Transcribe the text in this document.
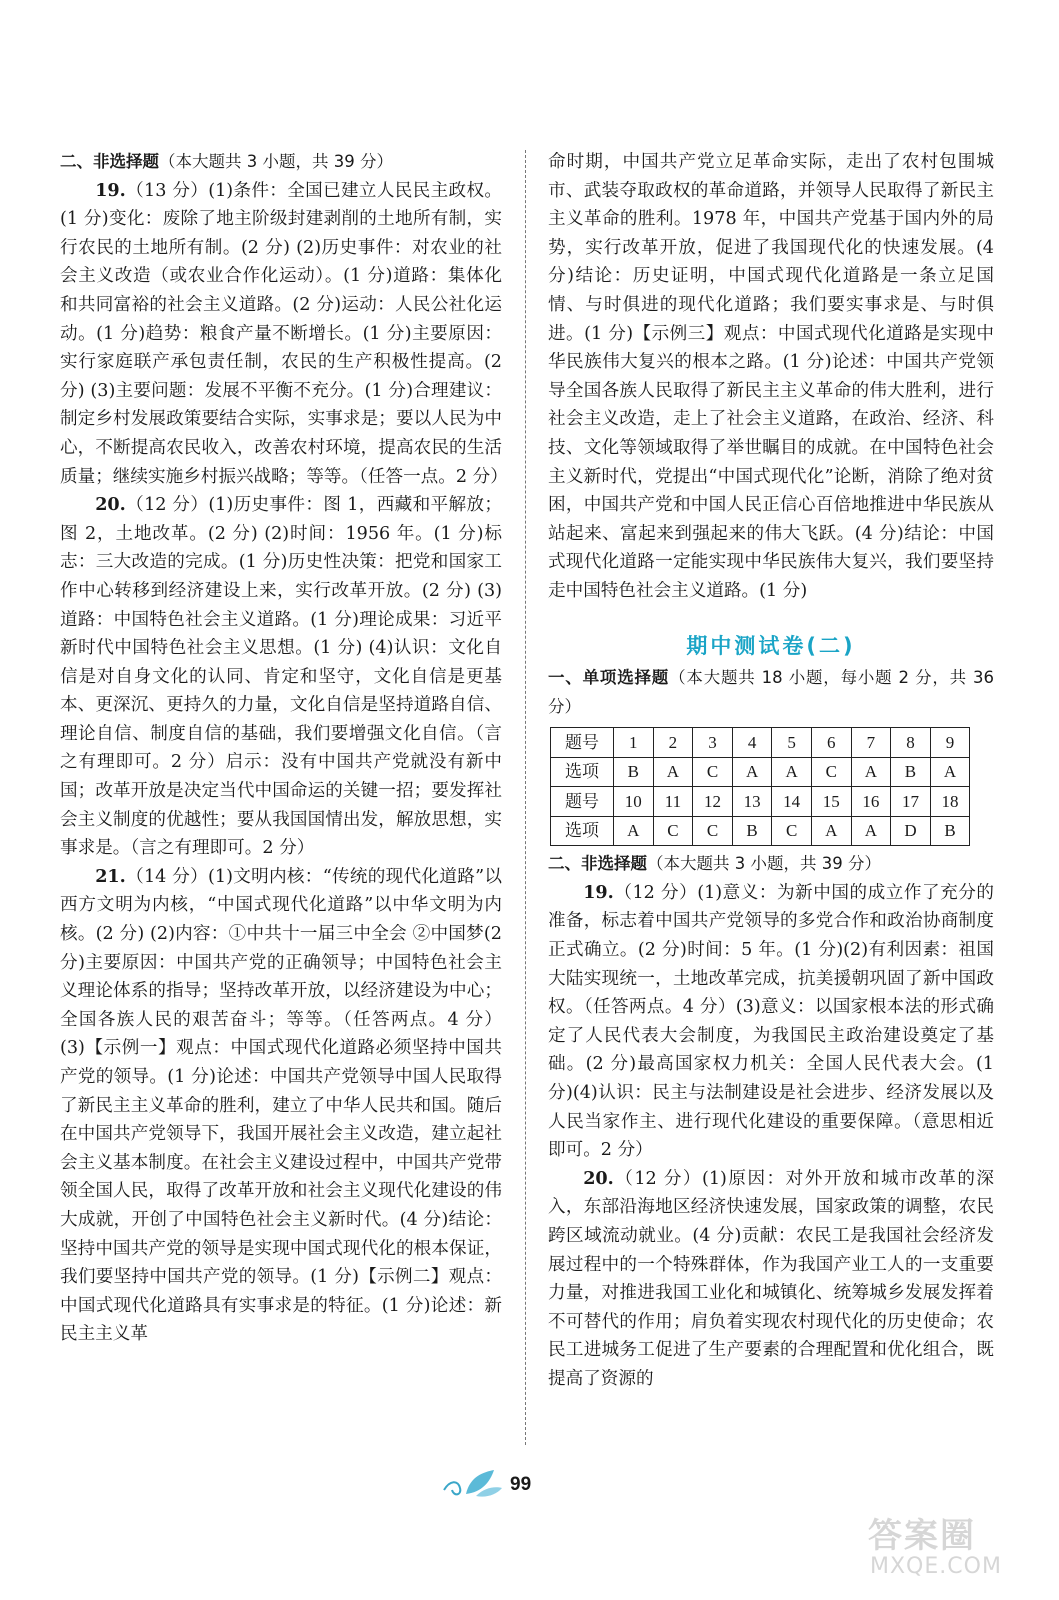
二、非选择题（本大题共 3 小题，共 39 分）

19.（13 分）(1)条件：全国已建立人民民主政权。(1 分)变化：废除了地主阶级封建剥削的土地所有制，实行农民的土地所有制。(2 分) (2)历史事件：对农业的社会主义改造（或农业合作化运动）。(1 分)道路：集体化和共同富裕的社会主义道路。(2 分)运动：人民公社化运动。(1 分)趋势：粮食产量不断增长。(1 分)主要原因：实行家庭联产承包责任制，农民的生产积极性提高。(2 分) (3)主要问题：发展不平衡不充分。(1 分)合理建议：制定乡村发展政策要结合实际，实事求是；要以人民为中心，不断提高农民收入，改善农村环境，提高农民的生活质量；继续实施乡村振兴战略；等等。（任答一点。2 分）

20.（12 分）(1)历史事件：图 1，西藏和平解放；图 2，土地改革。(2 分) (2)时间：1956 年。(1 分)标志：三大改造的完成。(1 分)历史性决策：把党和国家工作中心转移到经济建设上来，实行改革开放。(2 分) (3)道路：中国特色社会主义道路。(1 分)理论成果：习近平新时代中国特色社会主义思想。(1 分) (4)认识：文化自信是对自身文化的认同、肯定和坚守，文化自信是更基本、更深沉、更持久的力量，文化自信是坚持道路自信、理论自信、制度自信的基础，我们要增强文化自信。（言之有理即可。2 分）启示：没有中国共产党就没有新中国；改革开放是决定当代中国命运的关键一招；要发挥社会主义制度的优越性；要从我国国情出发，解放思想，实事求是。（言之有理即可。2 分）

21.（14 分）(1)文明内核：“传统的现代化道路”以西方文明为内核，“中国式现代化道路”以中华文明为内核。(2 分) (2)内容：①中共十一届三中全会 ②中国梦(2 分)主要原因：中国共产党的正确领导；中国特色社会主义理论体系的指导；坚持改革开放，以经济建设为中心；全国各族人民的艰苦奋斗；等等。（任答两点。4 分） (3)【示例一】观点：中国式现代化道路必须坚持中国共产党的领导。(1 分)论述：中国共产党领导中国人民取得了新民主主义革命的胜利，建立了中华人民共和国。随后在中国共产党领导下，我国开展社会主义改造，建立起社会主义基本制度。在社会主义建设过程中，中国共产党带领全国人民，取得了改革开放和社会主义现代化建设的伟大成就，开创了中国特色社会主义新时代。(4 分)结论：坚持中国共产党的领导是实现中国式现代化的根本保证，我们要坚持中国共产党的领导。(1 分)【示例二】观点：中国式现代化道路具有实事求是的特征。(1 分)论述：新民主主义革

命时期，中国共产党立足革命实际，走出了农村包围城市、武装夺取政权的革命道路，并领导人民取得了新民主主义革命的胜利。1978 年，中国共产党基于国内外的局势，实行改革开放，促进了我国现代化的快速发展。(4 分)结论：历史证明，中国式现代化道路是一条立足国情、与时俱进的现代化道路；我们要实事求是、与时俱进。(1 分)【示例三】观点：中国式现代化道路是实现中华民族伟大复兴的根本之路。(1 分)论述：中国共产党领导全国各族人民取得了新民主主义革命的伟大胜利，进行社会主义改造，走上了社会主义道路，在政治、经济、科技、文化等领域取得了举世瞩目的成就。在中国特色社会主义新时代，党提出“中国式现代化”论断，消除了绝对贫困，中国共产党和中国人民正信心百倍地推进中华民族从站起来、富起来到强起来的伟大飞跃。(4 分)结论：中国式现代化道路一定能实现中华民族伟大复兴，我们要坚持走中国特色社会主义道路。(1 分)

期中测试卷(二)

一、单项选择题（本大题共 18 小题，每小题 2 分，共 36 分）

题号	1	2	3	4	5	6	7	8	9
选项	B	A	C	A	A	C	A	B	A
题号	10	11	12	13	14	15	16	17	18
选项	A	C	C	B	C	A	A	D	B

二、非选择题（本大题共 3 小题，共 39 分）

19.（12 分）(1)意义：为新中国的成立作了充分的准备，标志着中国共产党领导的多党合作和政治协商制度正式确立。(2 分)时间：5 年。(1 分)(2)有利因素：祖国大陆实现统一，土地改革完成，抗美援朝巩固了新中国政权。（任答两点。4 分）(3)意义：以国家根本法的形式确定了人民代表大会制度，为我国民主政治建设奠定了基础。(2 分)最高国家权力机关：全国人民代表大会。(1 分)(4)认识：民主与法制建设是社会进步、经济发展以及人民当家作主、进行现代化建设的重要保障。（意思相近即可。2 分）

20.（12 分）(1)原因：对外开放和城市改革的深入，东部沿海地区经济快速发展，国家政策的调整，农民跨区域流动就业。(4 分)贡献：农民工是我国社会经济发展过程中的一个特殊群体，作为我国产业工人的一支重要力量，对推进我国工业化和城镇化、统筹城乡发展发挥着不可替代的作用；肩负着实现农村现代化的历史使命；农民工进城务工促进了生产要素的合理配置和优化组合，既提高了资源的

99
答案圈
MXQE.COM
